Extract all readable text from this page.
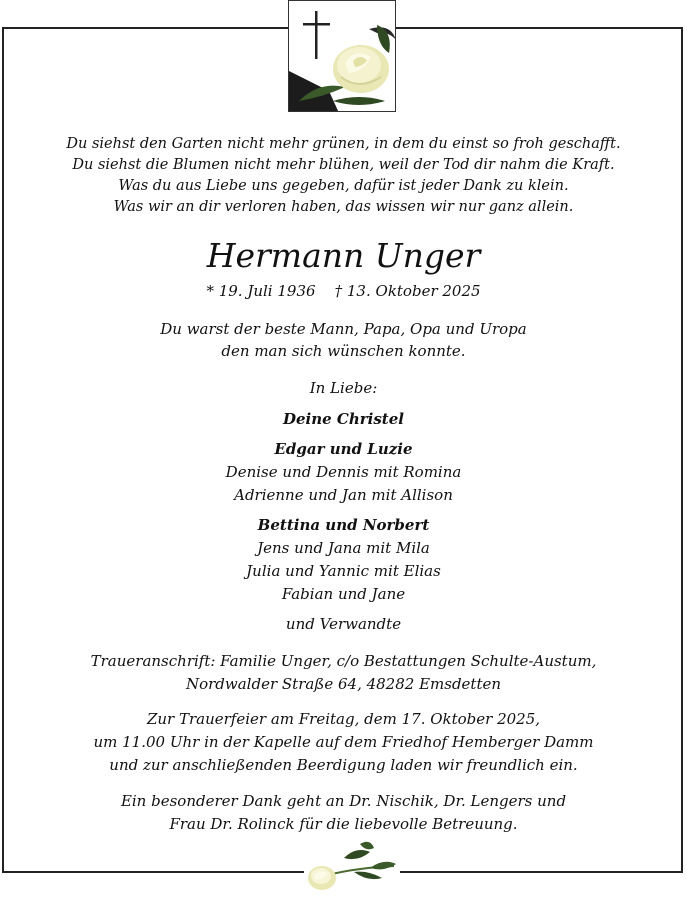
Du siehst den Garten nicht mehr grünen, in dem du einst so froh geschafft.
Du siehst die Blumen nicht mehr blühen, weil der Tod dir nahm die Kraft.
Was du aus Liebe uns gegeben, dafür ist jeder Dank zu klein.
Was wir an dir verloren haben, das wissen wir nur ganz allein.
Hermann Unger
* 19. Juli 1936 † 13. Oktober 2025
Du warst der beste Mann, Papa, Opa und Uropa
den man sich wünschen konnte.
In Liebe:
Deine Christel
Edgar und Luzie
Denise und Dennis mit Romina
Adrienne und Jan mit Allison
Bettina und Norbert
Jens und Jana mit Mila
Julia und Yannic mit Elias
Fabian und Jane
und Verwandte
Traueranschrift: Familie Unger, c/o Bestattungen Schulte-Austum,
Nordwalder Straße 64, 48282 Emsdetten
Zur Trauerfeier am Freitag, dem 17. Oktober 2025,
um 11.00 Uhr in der Kapelle auf dem Friedhof Hemberger Damm
und zur anschließenden Beerdigung laden wir freundlich ein.
Ein besonderer Dank geht an Dr. Nischik, Dr. Lengers und
Frau Dr. Rolinck für die liebevolle Betreuung.
